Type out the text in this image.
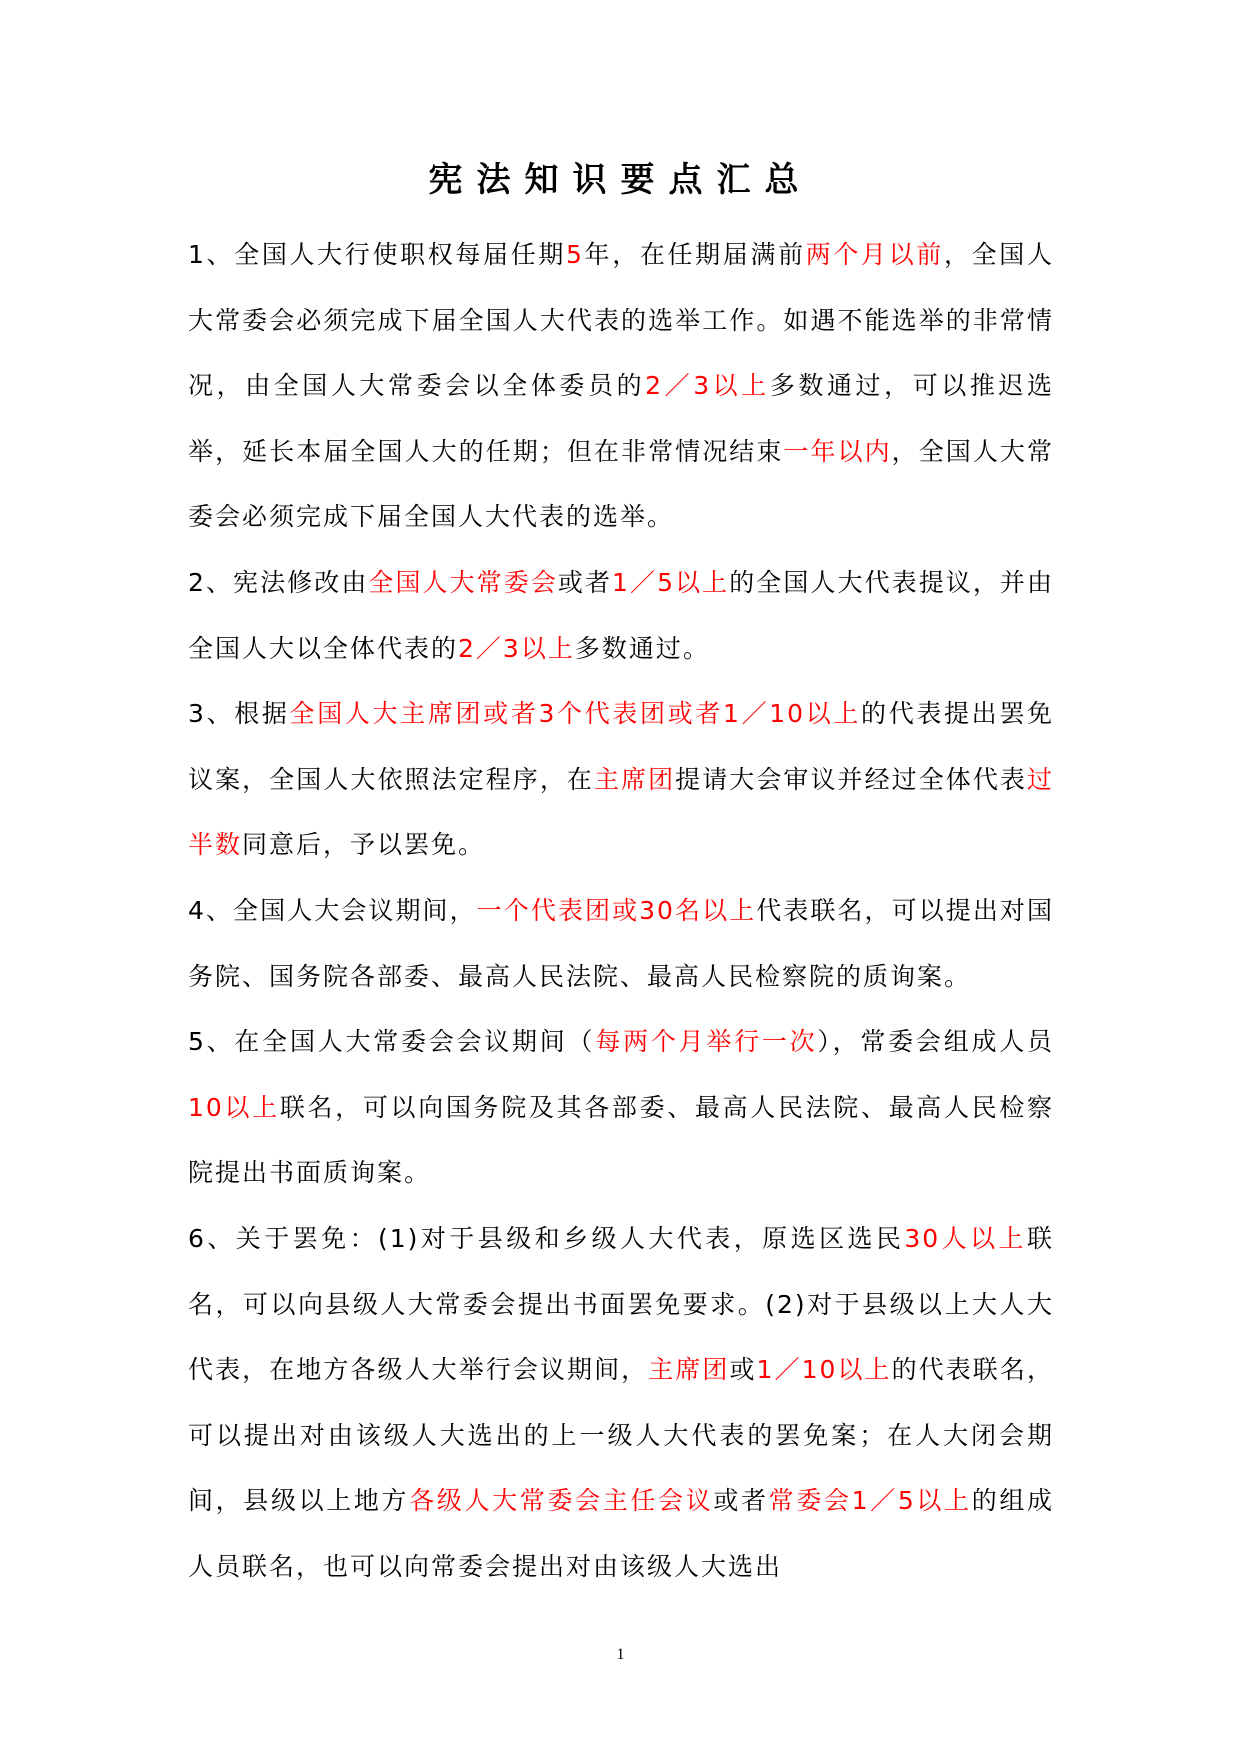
宪法知识要点汇总

1、全国人大行使职权每届任期5年，在任期届满前两个月以前，全国人大常委会必须完成下届全国人大代表的选举工作。如遇不能选举的非常情况，由全国人大常委会以全体委员的2／3以上多数通过，可以推迟选举，延长本届全国人大的任期；但在非常情况结束一年以内，全国人大常委会必须完成下届全国人大代表的选举。

2、宪法修改由全国人大常委会或者1／5以上的全国人大代表提议，并由全国人大以全体代表的2／3以上多数通过。

3、根据全国人大主席团或者3个代表团或者1／10以上的代表提出罢免议案，全国人大依照法定程序，在主席团提请大会审议并经过全体代表过半数同意后，予以罢免。

4、全国人大会议期间，一个代表团或30名以上代表联名，可以提出对国务院、国务院各部委、最高人民法院、最高人民检察院的质询案。

5、在全国人大常委会会议期间（每两个月举行一次），常委会组成人员10以上联名，可以向国务院及其各部委、最高人民法院、最高人民检察院提出书面质询案。

6、关于罢免：(1)对于县级和乡级人大代表，原选区选民30人以上联名，可以向县级人大常委会提出书面罢免要求。(2)对于县级以上大人大代表，在地方各级人大举行会议期间，主席团或1／10以上的代表联名，可以提出对由该级人大选出的上一级人大代表的罢免案；在人大闭会期间，县级以上地方各级人大常委会主任会议或者常委会1／5以上的组成人员联名，也可以向常委会提出对由该级人大选出

1
